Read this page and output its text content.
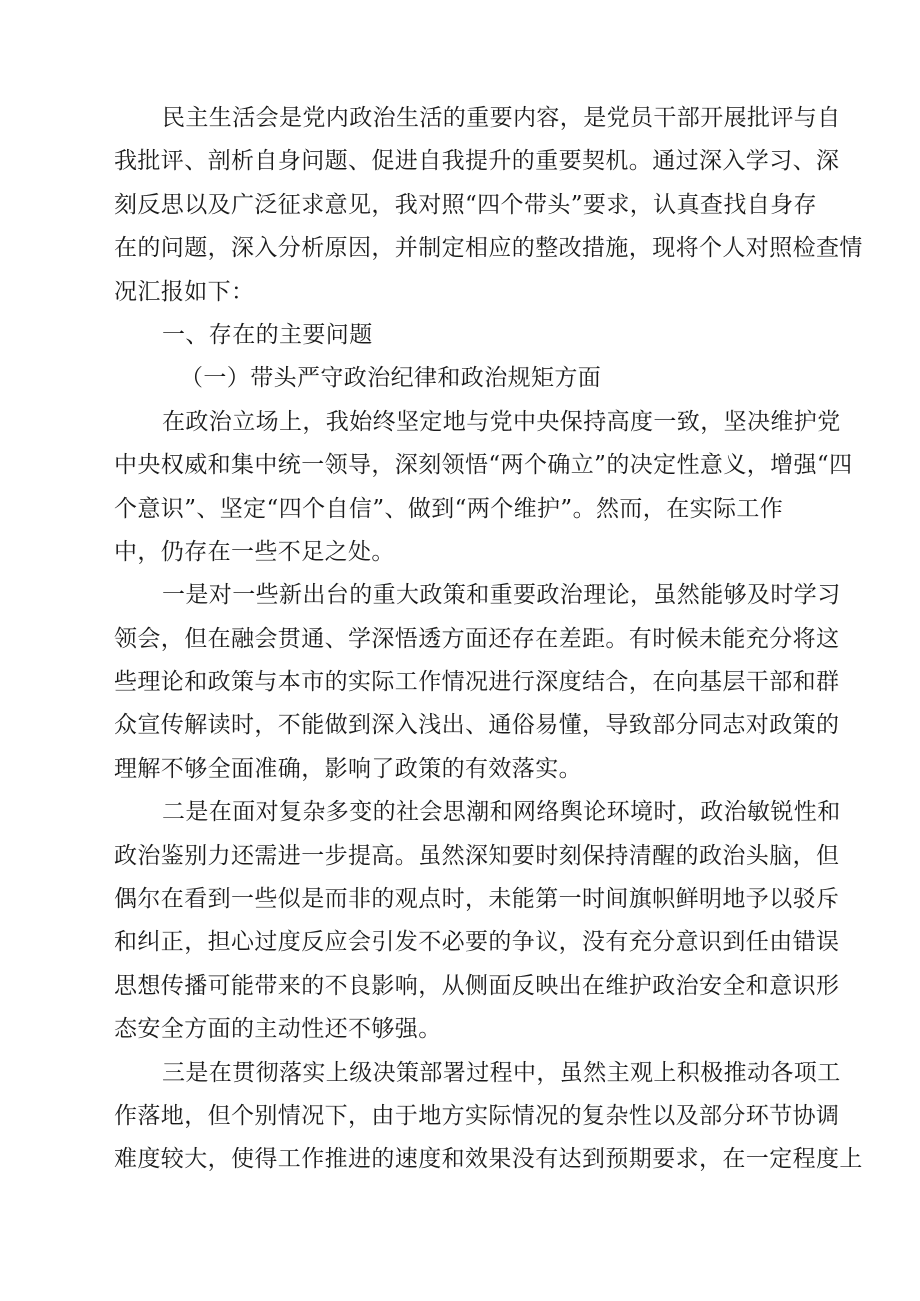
民主生活会是党内政治生活的重要内容，是党员干部开展批评与自
我批评、剖析自身问题、促进自我提升的重要契机。通过深入学习、深
刻反思以及广泛征求意见，我对照“四个带头”要求，认真查找自身存
在的问题，深入分析原因，并制定相应的整改措施，现将个人对照检查情
况汇报如下：
一、存在的主要问题
（一）带头严守政治纪律和政治规矩方面
在政治立场上，我始终坚定地与党中央保持高度一致，坚决维护党
中央权威和集中统一领导，深刻领悟“两个确立”的决定性意义，增强“四
个意识”、坚定“四个自信”、做到“两个维护”。然而，在实际工作
中，仍存在一些不足之处。
一是对一些新出台的重大政策和重要政治理论，虽然能够及时学习
领会，但在融会贯通、学深悟透方面还存在差距。有时候未能充分将这
些理论和政策与本市的实际工作情况进行深度结合，在向基层干部和群
众宣传解读时，不能做到深入浅出、通俗易懂，导致部分同志对政策的
理解不够全面准确，影响了政策的有效落实。
二是在面对复杂多变的社会思潮和网络舆论环境时，政治敏锐性和
政治鉴别力还需进一步提高。虽然深知要时刻保持清醒的政治头脑，但
偶尔在看到一些似是而非的观点时，未能第一时间旗帜鲜明地予以驳斥
和纠正，担心过度反应会引发不必要的争议，没有充分意识到任由错误
思想传播可能带来的不良影响，从侧面反映出在维护政治安全和意识形
态安全方面的主动性还不够强。
三是在贯彻落实上级决策部署过程中，虽然主观上积极推动各项工
作落地，但个别情况下，由于地方实际情况的复杂性以及部分环节协调
难度较大，使得工作推进的速度和效果没有达到预期要求，在一定程度上
